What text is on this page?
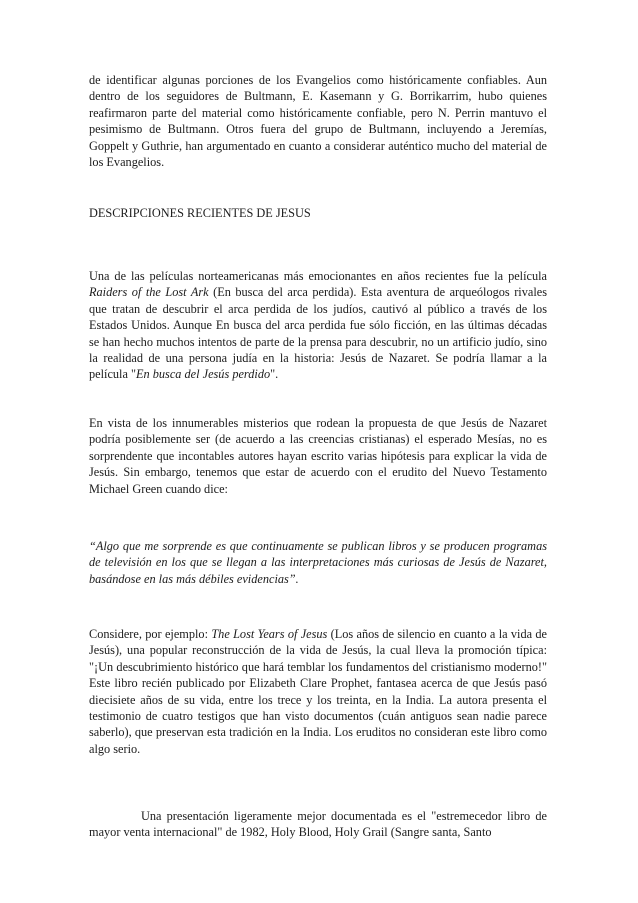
de identificar algunas porciones de los Evangelios como históricamente confiables. Aun dentro de los seguidores de Bultmann, E. Kasemann y G. Borrikarrim, hubo quienes reafirmaron parte del material como históricamente confiable, pero N. Perrin mantuvo el pesimismo de Bultmann. Otros fuera del grupo de Bultmann, incluyendo a Jeremías, Goppelt y Guthrie, han argumentado en cuanto a considerar auténtico mucho del material de los Evangelios.

DESCRIPCIONES RECIENTES DE JESUS

Una de las películas norteamericanas más emocionantes en años recientes fue la película Raiders of the Lost Ark (En busca del arca perdida). Esta aventura de arqueólogos rivales que tratan de descubrir el arca perdida de los judíos, cautivó al público a través de los Estados Unidos. Aunque En busca del arca perdida fue sólo ficción, en las últimas décadas se han hecho muchos intentos de parte de la prensa para descubrir, no un artificio judío, sino la realidad de una persona judía en la historia: Jesús de Nazaret. Se podría llamar a la película "En busca del Jesús perdido".

En vista de los innumerables misterios que rodean la propuesta de que Jesús de Nazaret podría posiblemente ser (de acuerdo a las creencias cristianas) el esperado Mesías, no es sorprendente que incontables autores hayan escrito varias hipótesis para explicar la vida de Jesús. Sin embargo, tenemos que estar de acuerdo con el erudito del Nuevo Testamento Michael Green cuando dice:

“Algo que me sorprende es que continuamente se publican libros y se producen programas de televisión en los que se llegan a las interpretaciones más curiosas de Jesús de Nazaret, basándose en las más débiles evidencias”.

Considere, por ejemplo: The Lost Years of Jesus (Los años de silencio en cuanto a la vida de Jesús), una popular reconstrucción de la vida de Jesús, la cual lleva la promoción típica: "¡Un descubrimiento histórico que hará temblar los fundamentos del cristianismo moderno!" Este libro recién publicado por Elizabeth Clare Prophet, fantasea acerca de que Jesús pasó diecisiete años de su vida, entre los trece y los treinta, en la India. La autora presenta el testimonio de cuatro testigos que han visto documentos (cuán antiguos sean nadie parece saberlo), que preservan esta tradición en la India. Los eruditos no consideran este libro como algo serio.

Una presentación ligeramente mejor documentada es el "estremecedor libro de mayor venta internacional" de 1982, Holy Blood, Holy Grail (Sangre santa, Santo
